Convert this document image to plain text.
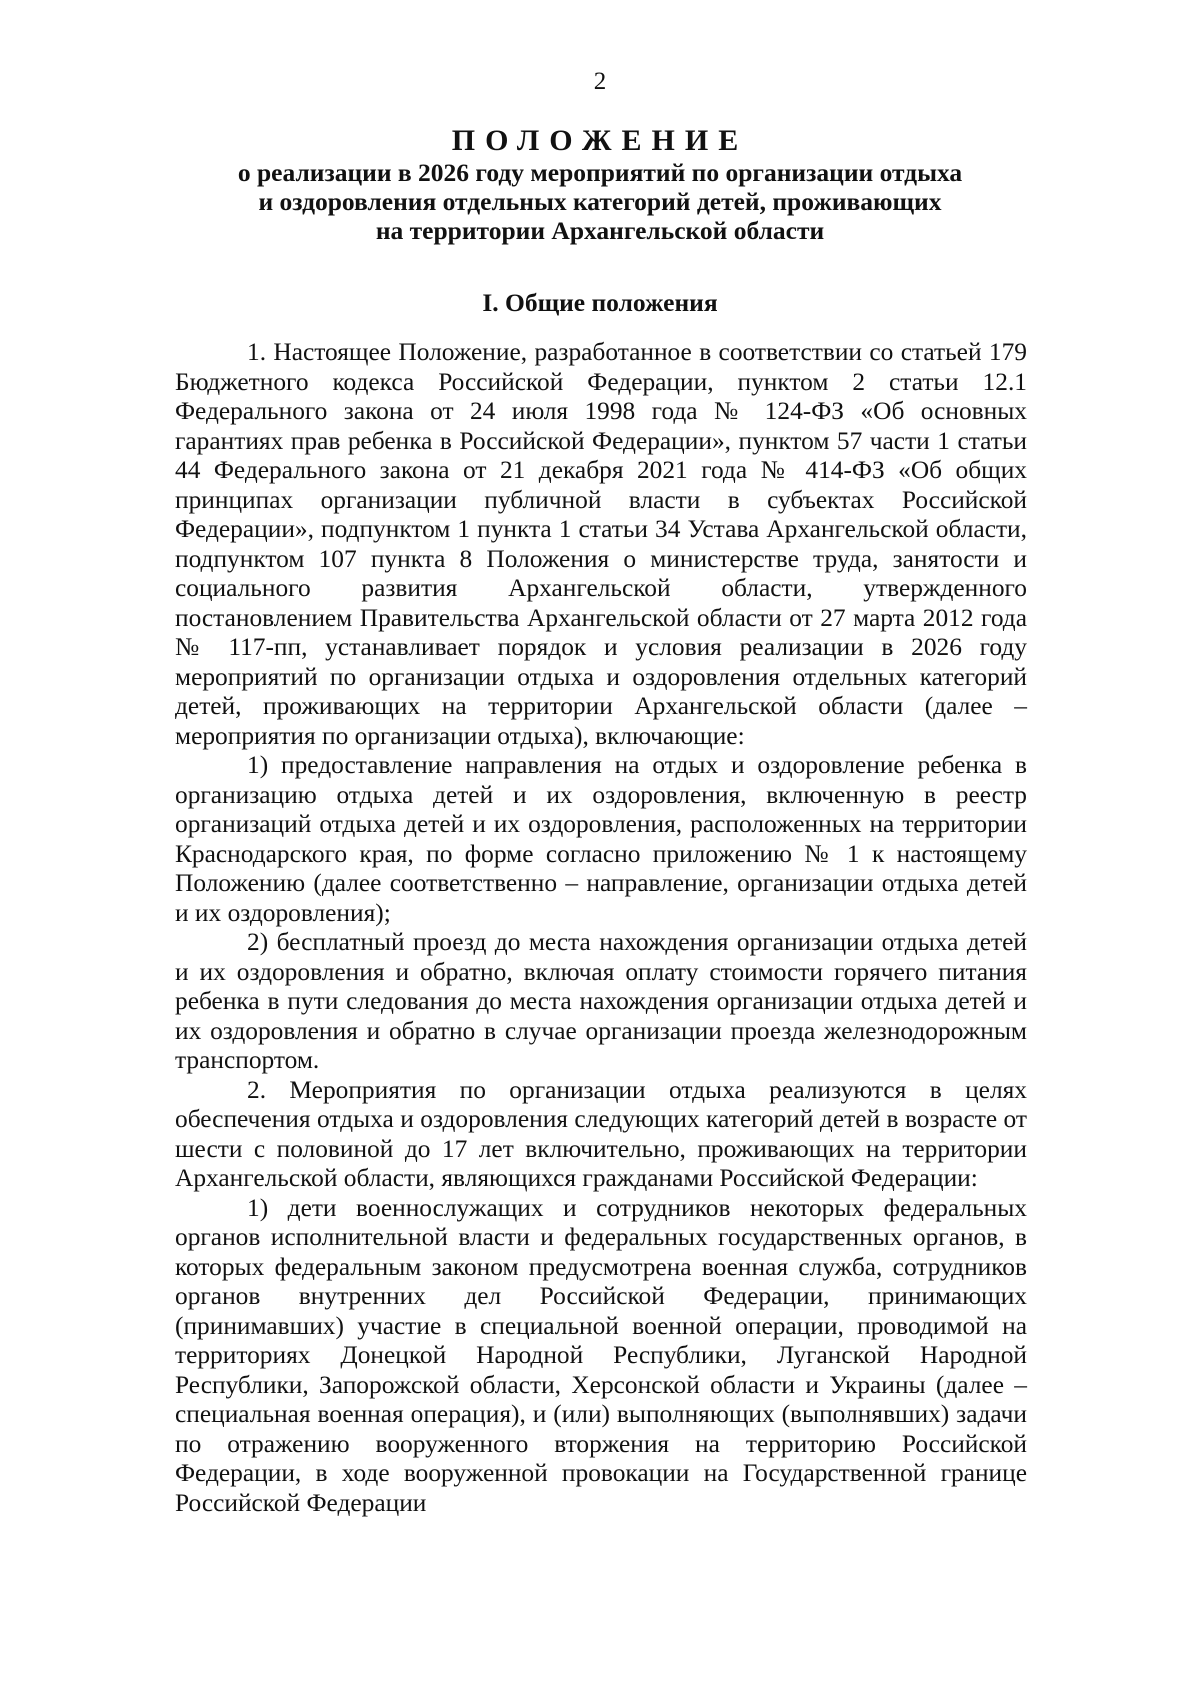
2
ПОЛОЖЕНИЕ
о реализации в 2026 году мероприятий по организации отдыха
и оздоровления отдельных категорий детей, проживающих
на территории Архангельской области
I. Общие положения

1. Настоящее Положение, разработанное в соответствии со статьей 179 Бюджетного кодекса Российской Федерации, пунктом 2 статьи 12.1 Федерального закона от 24 июля 1998 года № 124-ФЗ «Об основных гарантиях прав ребенка в Российской Федерации», пунктом 57 части 1 статьи 44 Федерального закона от 21 декабря 2021 года № 414-ФЗ «Об общих принципах организации публичной власти в субъектах Российской Федерации», подпунктом 1 пункта 1 статьи 34 Устава Архангельской области, подпунктом 107 пункта 8 Положения о министерстве труда, занятости и социального развития Архангельской области, утвержденного постановлением Правительства Архангельской области от 27 марта 2012 года № 117-пп, устанавливает порядок и условия реализации в 2026 году мероприятий по организации отдыха и оздоровления отдельных категорий детей, проживающих на территории Архангельской области (далее – мероприятия по организации отдыха), включающие:

1) предоставление направления на отдых и оздоровление ребенка в организацию отдыха детей и их оздоровления, включенную в реестр организаций отдыха детей и их оздоровления, расположенных на территории Краснодарского края, по форме согласно приложению № 1 к настоящему Положению (далее соответственно – направление, организации отдыха детей и их оздоровления);

2) бесплатный проезд до места нахождения организации отдыха детей и их оздоровления и обратно, включая оплату стоимости горячего питания ребенка в пути следования до места нахождения организации отдыха детей и их оздоровления и обратно в случае организации проезда железнодорожным транспортом.

2. Мероприятия по организации отдыха реализуются в целях обеспечения отдыха и оздоровления следующих категорий детей в возрасте от шести с половиной до 17 лет включительно, проживающих на территории Архангельской области, являющихся гражданами Российской Федерации:

1) дети военнослужащих и сотрудников некоторых федеральных органов исполнительной власти и федеральных государственных органов, в которых федеральным законом предусмотрена военная служба, сотрудников органов внутренних дел Российской Федерации, принимающих (принимавших) участие в специальной военной операции, проводимой на территориях Донецкой Народной Республики, Луганской Народной Республики, Запорожской области, Херсонской области и Украины (далее – специальная военная операция), и (или) выполняющих (выполнявших) задачи по отражению вооруженного вторжения на территорию Российской Федерации, в ходе вооруженной провокации на Государственной границе Российской Федерации
